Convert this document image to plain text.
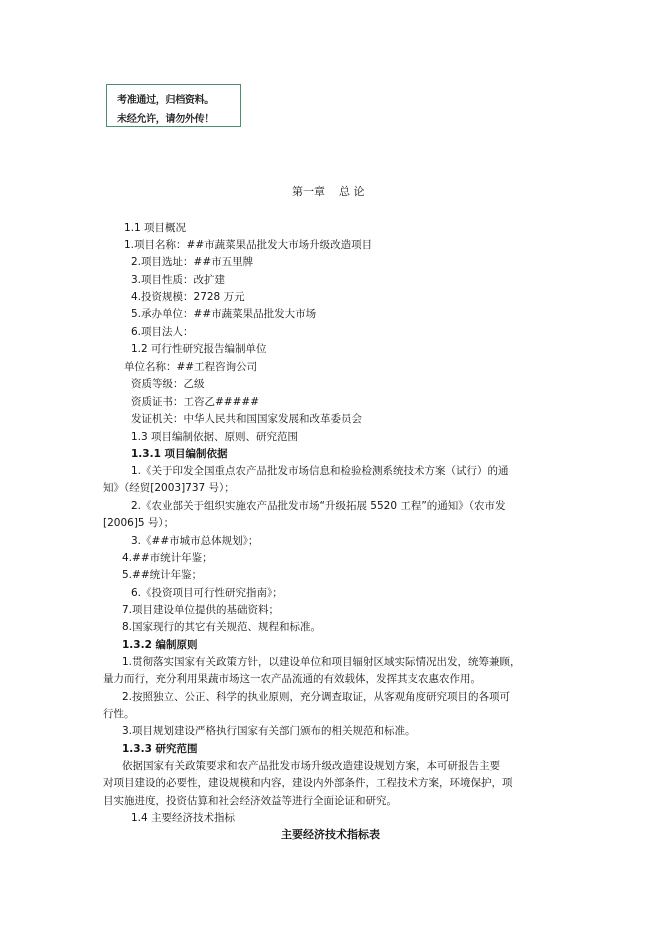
考准通过，归档资料。
未经允许，请勿外传！
第一章 总 论
1.1 项目概况
1.项目名称：##市蔬菜果品批发大市场升级改造项目
2.项目选址：##市五里牌
3.项目性质：改扩建
4.投资规模：2728 万元
5.承办单位：##市蔬菜果品批发大市场
6.项目法人：
1.2 可行性研究报告编制单位
单位名称：##工程咨询公司
资质等级：乙级
资质证书：工咨乙#####
发证机关：中华人民共和国国家发展和改革委员会
1.3 项目编制依据、原则、研究范围
1.3.1 项目编制依据
1.《关于印发全国重点农产品批发市场信息和检验检测系统技术方案（试行）的通
知》（经贸[2003]737 号）；
2.《农业部关于组织实施农产品批发市场“升级拓展 5520 工程”的通知》（农市发
[2006]5 号）；
3.《##市城市总体规划》；
4.##市统计年鉴；
5.##统计年鉴；
6.《投资项目可行性研究指南》；
7.项目建设单位提供的基础资料；
8.国家现行的其它有关规范、规程和标准。
1.3.2 编制原则
1.贯彻落实国家有关政策方针，以建设单位和项目辐射区域实际情况出发，统筹兼顾，
量力而行，充分利用果蔬市场这一农产品流通的有效载体，发挥其支农惠农作用。
2.按照独立、公正、科学的执业原则，充分调查取证，从客观角度研究项目的各项可
行性。
3.项目规划建设严格执行国家有关部门颁布的相关规范和标准。
1.3.3 研究范围
依据国家有关政策要求和农产品批发市场升级改造建设规划方案，本可研报告主要
对项目建设的必要性，建设规模和内容，建设内外部条件，工程技术方案，环境保护，项
目实施进度，投资估算和社会经济效益等进行全面论证和研究。
1.4 主要经济技术指标
主要经济技术指标表
